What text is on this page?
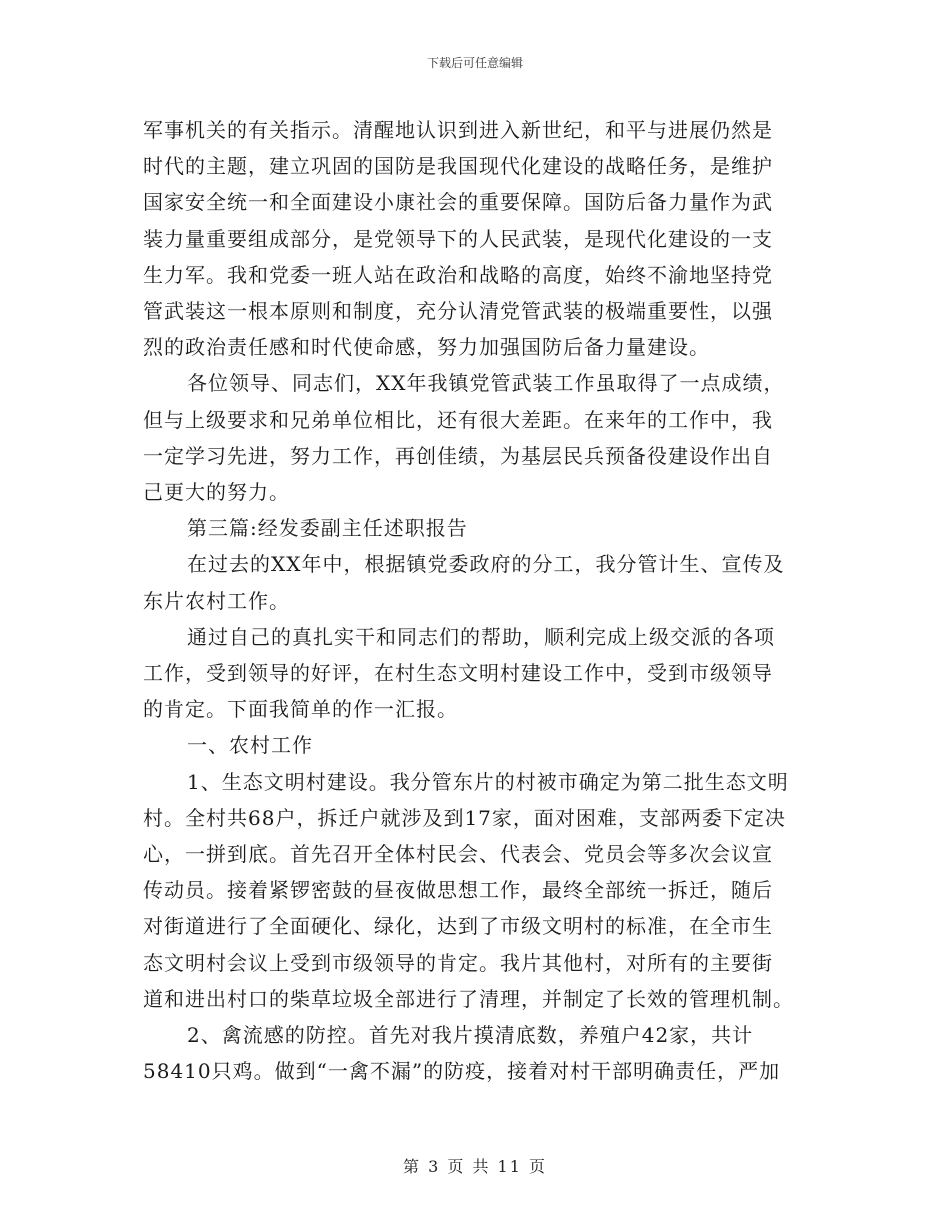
下载后可任意编辑
军事机关的有关指示。清醒地认识到进入新世纪，和平与进展仍然是
时代的主题，建立巩固的国防是我国现代化建设的战略任务，是维护
国家安全统一和全面建设小康社会的重要保障。国防后备力量作为武
装力量重要组成部分，是党领导下的人民武装，是现代化建设的一支
生力军。我和党委一班人站在政治和战略的高度，始终不渝地坚持党
管武装这一根本原则和制度，充分认清党管武装的极端重要性，以强
烈的政治责任感和时代使命感，努力加强国防后备力量建设。
各位领导、同志们，XX年我镇党管武装工作虽取得了一点成绩，
但与上级要求和兄弟单位相比，还有很大差距。在来年的工作中，我
一定学习先进，努力工作，再创佳绩，为基层民兵预备役建设作出自
己更大的努力。
第三篇:经发委副主任述职报告
在过去的XX年中，根据镇党委政府的分工，我分管计生、宣传及
东片农村工作。
通过自己的真扎实干和同志们的帮助，顺利完成上级交派的各项
工作，受到领导的好评，在村生态文明村建设工作中，受到市级领导
的肯定。下面我简单的作一汇报。
一、农村工作
1、生态文明村建设。我分管东片的村被市确定为第二批生态文明
村。全村共68户，拆迁户就涉及到17家，面对困难，支部两委下定决
心，一拼到底。首先召开全体村民会、代表会、党员会等多次会议宣
传动员。接着紧锣密鼓的昼夜做思想工作，最终全部统一拆迁，随后
对街道进行了全面硬化、绿化，达到了市级文明村的标准，在全市生
态文明村会议上受到市级领导的肯定。我片其他村，对所有的主要街
道和进出村口的柴草垃圾全部进行了清理，并制定了长效的管理机制。
2、禽流感的防控。首先对我片摸清底数，养殖户42家，共计
58410只鸡。做到“一禽不漏”的防疫，接着对村干部明确责任，严加
第 3 页 共 11 页
